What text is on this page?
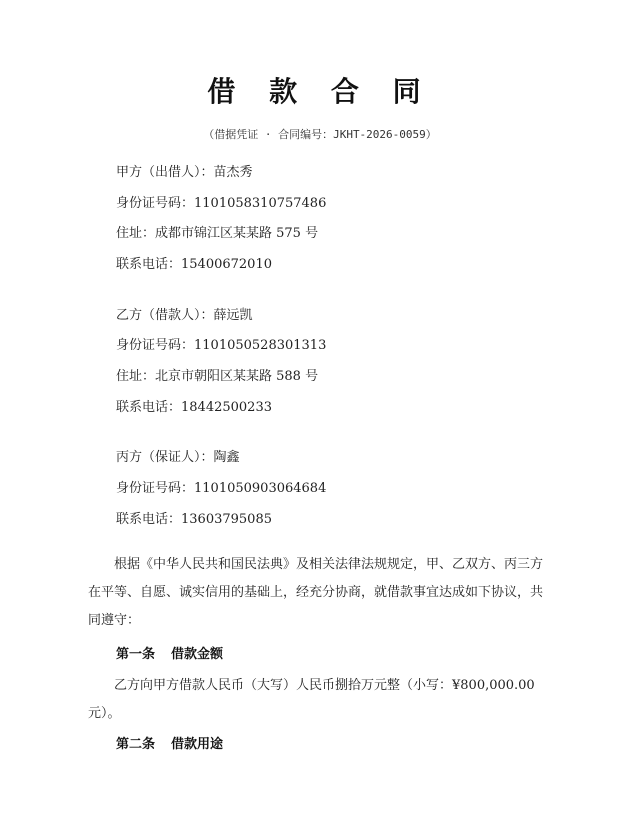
借 款 合 同
（借据凭证 · 合同编号：JKHT-2026-0059）
甲方（出借人）：苗杰秀
身份证号码：1101058310757486
住址：成都市锦江区某某路 575 号
联系电话：15400672010
乙方（借款人）：薛远凯
身份证号码：1101050528301313
住址：北京市朝阳区某某路 588 号
联系电话：18442500233
丙方（保证人）：陶鑫
身份证号码：1101050903064684
联系电话：13603795085
根据《中华人民共和国民法典》及相关法律法规规定，甲、乙双方、丙三方在平等、自愿、诚实信用的基础上，经充分协商，就借款事宜达成如下协议，共同遵守：
第一条 借款金额
乙方向甲方借款人民币（大写）人民币捌拾万元整（小写：¥800,000.00元）。
第二条 借款用途
